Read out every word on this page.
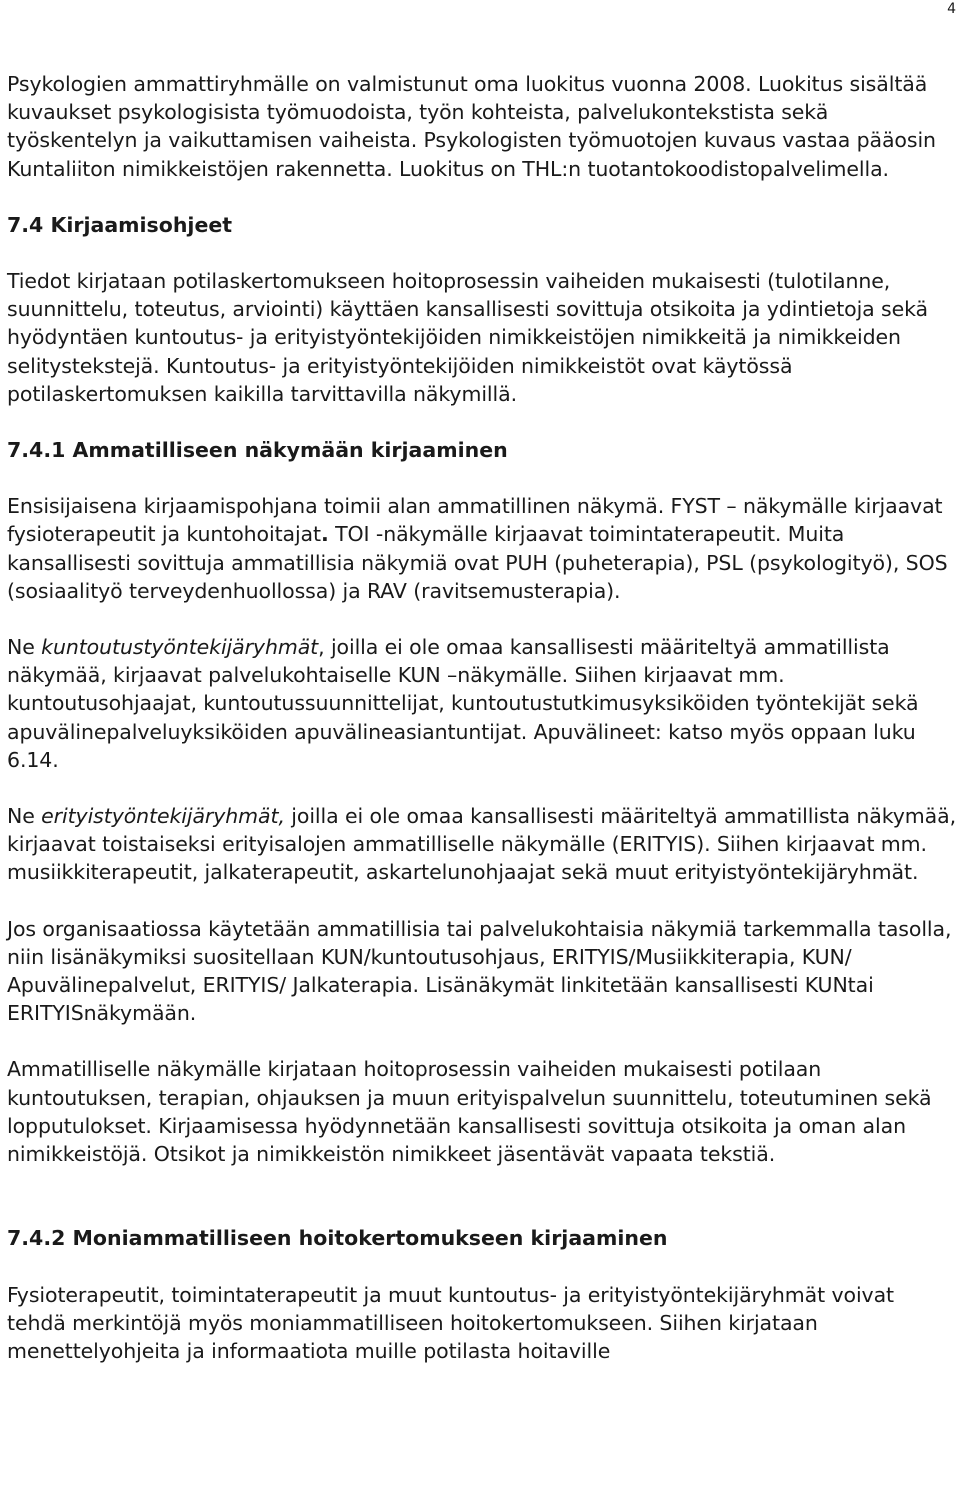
4

Psykologien ammattiryhmälle on valmistunut oma luokitus vuonna 2008. Luokitus sisältää kuvaukset psykologisista työmuodoista, työn kohteista, palvelukontekstista sekä työskentelyn ja vaikuttamisen vaiheista. Psykologisten työmuotojen kuvaus vastaa pääosin Kuntaliiton nimikkeistöjen rakennetta. Luokitus on THL:n tuotantokoodistopalvelimella.

7.4 Kirjaamisohjeet

Tiedot kirjataan potilaskertomukseen hoitoprosessin vaiheiden mukaisesti (tulotilanne, suunnittelu, toteutus, arviointi) käyttäen kansallisesti sovittuja otsikoita ja ydintietoja sekä hyödyntäen kuntoutus- ja erityistyöntekijöiden nimikkeistöjen nimikkeitä ja nimikkeiden selitystekstejä. Kuntoutus- ja erityistyöntekijöiden nimikkeistöt ovat käytössä potilaskertomuksen kaikilla tarvittavilla näkymillä.

7.4.1 Ammatilliseen näkymään kirjaaminen

Ensisijaisena kirjaamispohjana toimii alan ammatillinen näkymä. FYST – näkymälle kirjaavat fysioterapeutit ja kuntohoitajat. TOI -näkymälle kirjaavat toimintaterapeutit. Muita kansallisesti sovittuja ammatillisia näkymiä ovat PUH (puheterapia), PSL (psykologityö), SOS (sosiaalityö terveydenhuollossa) ja RAV (ravitsemusterapia).

Ne kuntoutustyöntekijäryhmät, joilla ei ole omaa kansallisesti määriteltyä ammatillista näkymää, kirjaavat palvelukohtaiselle KUN –näkymälle. Siihen kirjaavat mm. kuntoutusohjaajat, kuntoutussuunnittelijat, kuntoutustutkimusyksiköiden työntekijät sekä apuvälinepalveluyksiköiden apuvälineasiantuntijat. Apuvälineet: katso myös oppaan luku 6.14.

Ne erityistyöntekijäryhmät, joilla ei ole omaa kansallisesti määriteltyä ammatillista näkymää, kirjaavat toistaiseksi erityisalojen ammatilliselle näkymälle (ERITYIS). Siihen kirjaavat mm. musiikkiterapeutit, jalkaterapeutit, askartelunohjaajat sekä muut erityistyöntekijäryhmät.

Jos organisaatiossa käytetään ammatillisia tai palvelukohtaisia näkymiä tarkemmalla tasolla, niin lisänäkymiksi suositellaan KUN/kuntoutusohjaus, ERITYIS/Musiikkiterapia, KUN/ Apuvälinepalvelut, ERITYIS/ Jalkaterapia. Lisänäkymät linkitetään kansallisesti KUNtai ERITYISnäkymään.

Ammatilliselle näkymälle kirjataan hoitoprosessin vaiheiden mukaisesti potilaan kuntoutuksen, terapian, ohjauksen ja muun erityispalvelun suunnittelu, toteutuminen sekä lopputulokset. Kirjaamisessa hyödynnetään kansallisesti sovittuja otsikoita ja oman alan nimikkeistöjä. Otsikot ja nimikkeistön nimikkeet jäsentävät vapaata tekstiä.

7.4.2 Moniammatilliseen hoitokertomukseen kirjaaminen

Fysioterapeutit, toimintaterapeutit ja muut kuntoutus- ja erityistyöntekijäryhmät voivat tehdä merkintöjä myös moniammatilliseen hoitokertomukseen. Siihen kirjataan menettelyohjeita ja informaatiota muille potilasta hoitaville
